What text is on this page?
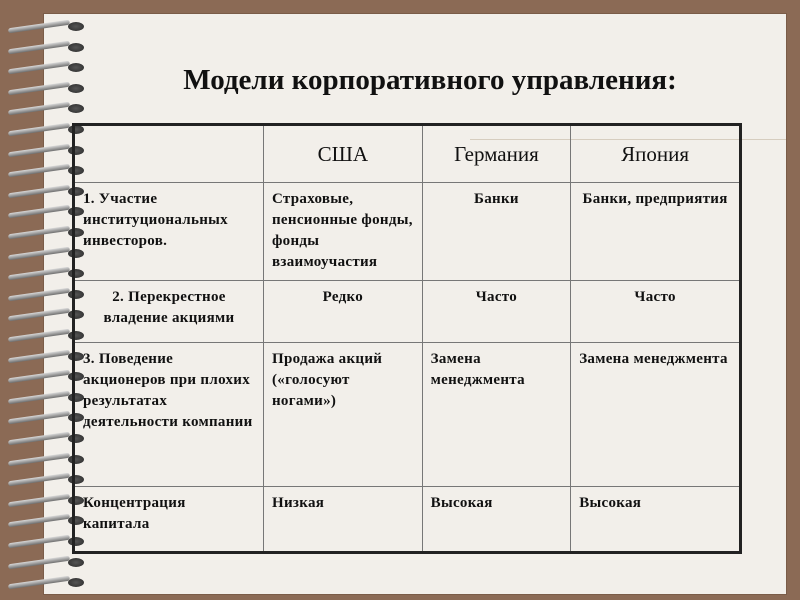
Модели корпоративного управления:
	США	Германия	Япония
1. Участие институциональных инвесторов.	Страховые, пенсионные фонды, фонды взаимоучастия	Банки	Банки, предприятия
2. Перекрестное владение акциями	Редко	Часто	Часто
3. Поведение акционеров при плохих результатах деятельности компании	Продажа акций («голосуют ногами»)	Замена менеджмента	Замена менеджмента
Концентрация капитала	Низкая	Высокая	Высокая
